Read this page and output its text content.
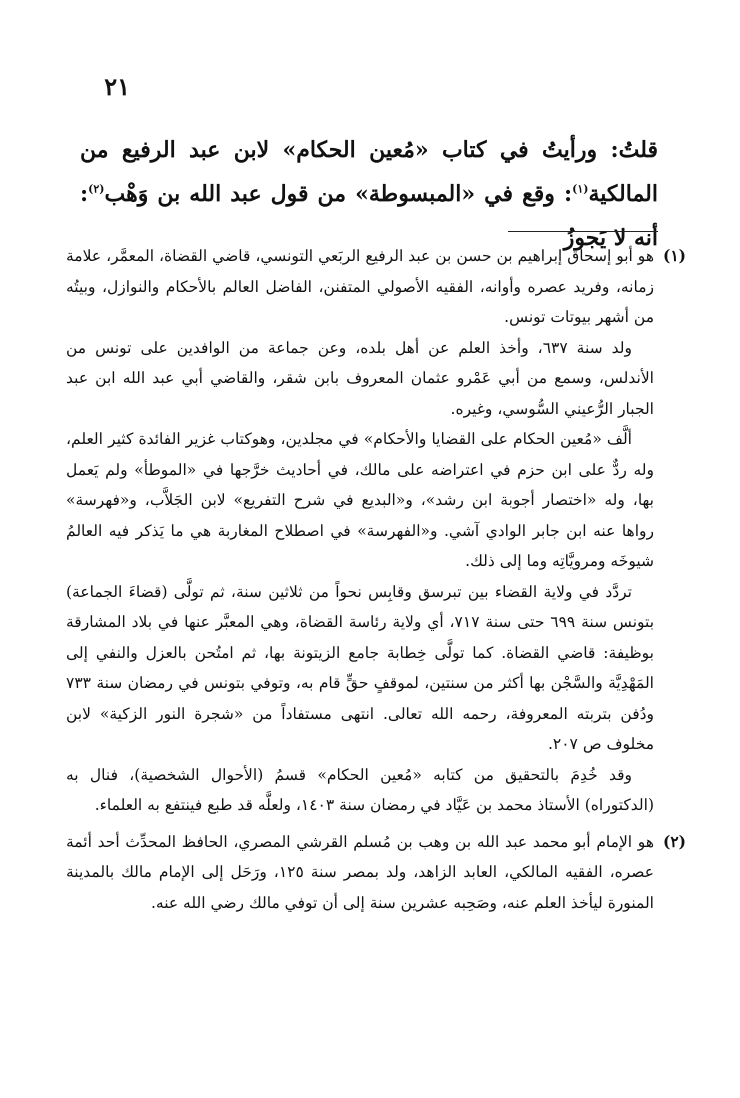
٢١

قلتُ: ورأيتُ في كتاب «مُعين الحكام» لابن عبد الرفيع من المالكية$^{(١)}$: وقع في «المبسوطة» من قول عبد الله بن وَهْب$^{(٢)}$: أنه لا يَجوزُ

(١)

هو أبو إسحاق إبراهيم بن حسن بن عبد الرفيع الربَعي التونسي، قاضي القضاة، المعمَّر، علامة زمانه، وفريد عصره وأوانه، الفقيه الأصولي المتفنن، الفاضل العالم بالأحكام والنوازل، وبيتُه من أشهر بيوتات تونس.

ولد سنة ٦٣٧، وأخذ العلم عن أهل بلده، وعن جماعة من الوافدين على تونس من الأندلس، وسمع من أبي عَمْرو عثمان المعروف بابن شقر، والقاضي أبي عبد الله ابن عبد الجبار الرُّعيني السُّوسي، وغيره.

ألَّف «مُعين الحكام على القضايا والأحكام» في مجلدين، وهوكتاب غزير الفائدة كثير العلم، وله ردٌّ على ابن حزم في اعتراضه على مالك، في أحاديث خرَّجها في «الموطأ» ولم يَعمل بها، وله «اختصار أجوبة ابن رشد»، و«البديع في شرح التفريع» لابن الجَلاَّب، و«فهرسة» رواها عنه ابن جابر الوادي آشي. و«الفهرسة» في اصطلاح المغاربة هي ما يَذكر فيه العالمُ شيوخَه ومرويَّاتِه وما إلى ذلك.

تردَّد في ولاية القضاء بين تبرسق وقابِس نحواً من ثلاثين سنة، ثم تولَّى (قضاءَ الجماعة) بتونس سنة ٦٩٩ حتى سنة ٧١٧، أي ولاية رئاسة القضاة، وهي المعبَّر عنها في بلاد المشارقة بوظيفة: قاضي القضاة. كما تولَّى خِطابة جامع الزيتونة بها، ثم امتُحن بالعزل والنفي إلى المَهْدِيَّة والسَّجْن بها أكثر من سنتين، لموقفٍ حقٍّ قام به، وتوفي بتونس في رمضان سنة ٧٣٣ ودُفن بتربته المعروفة، رحمه الله تعالى. انتهى مستفاداً من «شجرة النور الزكية» لابن مخلوف ص ٢٠٧.

وقد خُدِمَ بالتحقيق من كتابه «مُعين الحكام» قسمُ (الأحوال الشخصية)، فنال به (الدكتوراه) الأستاذ محمد بن عَيَّاد في رمضان سنة ١٤٠٣، ولعلَّه قد طبع فينتفع به العلماء.

(٢)

هو الإمام أبو محمد عبد الله بن وهب بن مُسلم القرشي المصري، الحافظ المحدِّث أحد أئمة عصره، الفقيه المالكي، العابد الزاهد، ولد بمصر سنة ١٢٥، ورَحَل إلى الإمام مالك بالمدينة المنورة ليأخذ العلم عنه، وصَحِبه عشرين سنة إلى أن توفي مالك رضي الله عنه.
